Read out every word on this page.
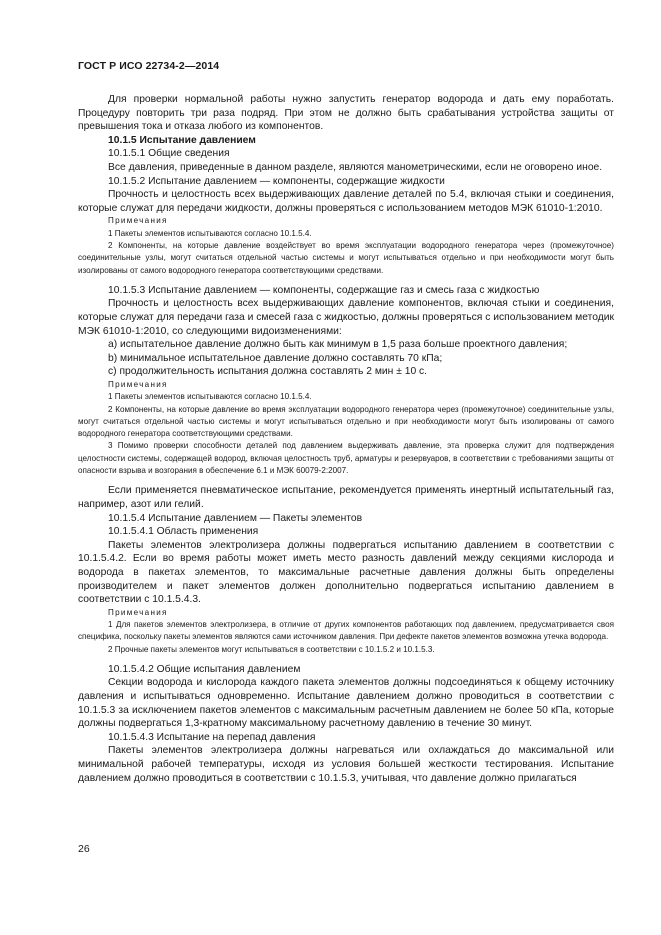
ГОСТ Р ИСО 22734-2—2014

Для проверки нормальной работы нужно запустить генератор водорода и дать ему поработать. Процедуру повторить три раза подряд. При этом не должно быть срабатывания устройства защиты от превышения тока и отказа любого из компонентов.

10.1.5 Испытание давлением

10.1.5.1 Общие сведения

Все давления, приведенные в данном разделе, являются манометрическими, если не оговорено иное.

10.1.5.2 Испытание давлением — компоненты, содержащие жидкости

Прочность и целостность всех выдерживающих давление деталей по 5.4, включая стыки и соединения, которые служат для передачи жидкости, должны проверяться с использованием методов МЭК 61010-1:2010.

Примечания

1 Пакеты элементов испытываются согласно 10.1.5.4.

2 Компоненты, на которые давление воздействует во время эксплуатации водородного генератора через (промежуточное) соединительные узлы, могут считаться отдельной частью системы и могут испытываться отдельно и при необходимости могут быть изолированы от самого водородного генератора соответствующими средствами.

10.1.5.3 Испытание давлением — компоненты, содержащие газ и смесь газа с жидкостью

Прочность и целостность всех выдерживающих давление компонентов, включая стыки и соединения, которые служат для передачи газа и смесей газа с жидкостью, должны проверяться с использованием методик МЭК 61010-1:2010, со следующими видоизменениями:

a) испытательное давление должно быть как минимум в 1,5 раза больше проектного давления;

b) минимальное испытательное давление должно составлять 70 кПа;

c) продолжительность испытания должна составлять 2 мин ± 10 с.

Примечания

1 Пакеты элементов испытываются согласно 10.1.5.4.

2 Компоненты, на которые давление во время эксплуатации водородного генератора через (промежуточное) соединительные узлы, могут считаться отдельной частью системы и могут испытываться отдельно и при необходимости могут быть изолированы от самого водородного генератора соответствующими средствами.

3 Помимо проверки способности деталей под давлением выдерживать давление, эта проверка служит для подтверждения целостности системы, содержащей водород, включая целостность труб, арматуры и резервуаров, в соответствии с требованиями защиты от опасности взрыва и возгорания в обеспечение 6.1 и МЭК 60079-2:2007.

Если применяется пневматическое испытание, рекомендуется применять инертный испытательный газ, например, азот или гелий.

10.1.5.4 Испытание давлением — Пакеты элементов

10.1.5.4.1 Область применения

Пакеты элементов электролизера должны подвергаться испытанию давлением в соответствии с 10.1.5.4.2. Если во время работы может иметь место разность давлений между секциями кислорода и водорода в пакетах элементов, то максимальные расчетные давления должны быть определены производителем и пакет элементов должен дополнительно подвергаться испытанию давлением в соответствии с 10.1.5.4.3.

Примечания

1 Для пакетов элементов электролизера, в отличие от других компонентов работающих под давлением, предусматривается своя специфика, поскольку пакеты элементов являются сами источником давления. При дефекте пакетов элементов возможна утечка водорода.

2 Прочные пакеты элементов могут испытываться в соответствии с 10.1.5.2 и 10.1.5.3.

10.1.5.4.2 Общие испытания давлением

Секции водорода и кислорода каждого пакета элементов должны подсоединяться к общему источнику давления и испытываться одновременно. Испытание давлением должно проводиться в соответствии с 10.1.5.3 за исключением пакетов элементов с максимальным расчетным давлением не более 50 кПа, которые должны подвергаться 1,3-кратному максимальному расчетному давлению в течение 30 минут.

10.1.5.4.3 Испытание на перепад давления

Пакеты элементов электролизера должны нагреваться или охлаждаться до максимальной или минимальной рабочей температуры, исходя из условия большей жесткости тестирования. Испытание давлением должно проводиться в соответствии с 10.1.5.3, учитывая, что давление должно прилагаться

26
